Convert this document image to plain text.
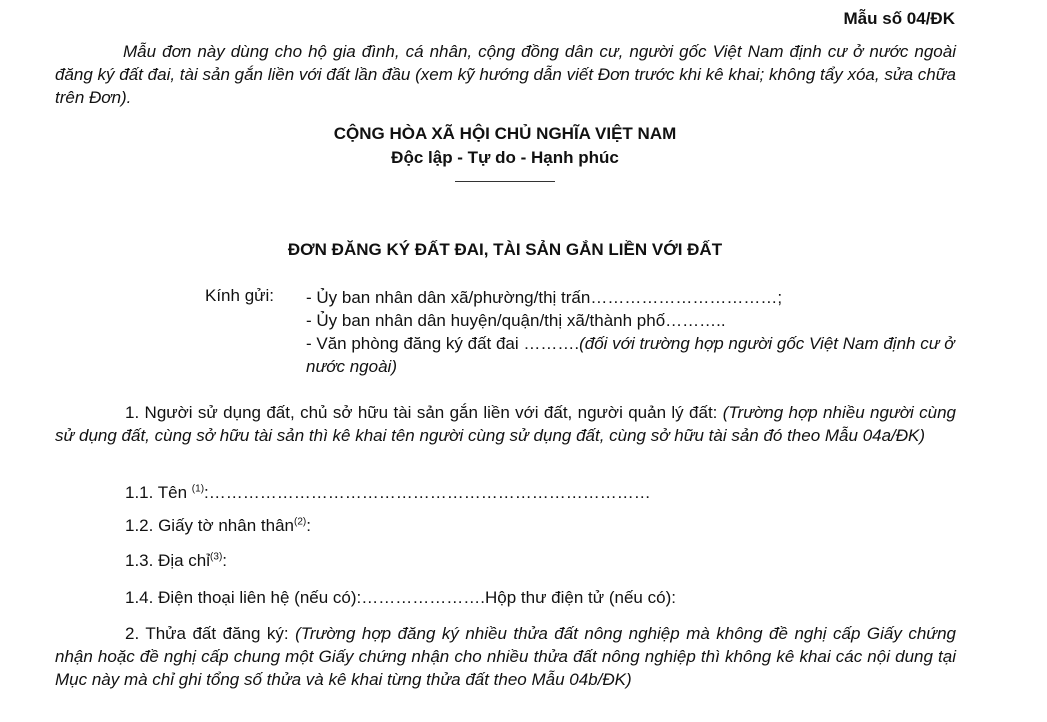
Mẫu số 04/ĐK
Mẫu đơn này dùng cho hộ gia đình, cá nhân, cộng đồng dân cư, người gốc Việt Nam định cư ở nước ngoài đăng ký đất đai, tài sản gắn liền với đất lần đầu (xem kỹ hướng dẫn viết Đơn trước khi kê khai; không tẩy xóa, sửa chữa trên Đơn).
CỘNG HÒA XÃ HỘI CHỦ NGHĨA VIỆT NAM
Độc lập - Tự do - Hạnh phúc
ĐƠN ĐĂNG KÝ ĐẤT ĐAI, TÀI SẢN GẮN LIỀN VỚI ĐẤT
Kính gửi: - Ủy ban nhân dân xã/phường/thị trấn……………………………;
- Ủy ban nhân dân huyện/quận/thị xã/thành phố………..
- Văn phòng đăng ký đất đai ……….(đối với trường hợp người gốc Việt Nam định cư ở nước ngoài)
1. Người sử dụng đất, chủ sở hữu tài sản gắn liền với đất, người quản lý đất: (Trường hợp nhiều người cùng sử dụng đất, cùng sở hữu tài sản thì kê khai tên người cùng sử dụng đất, cùng sở hữu tài sản đó theo Mẫu 04a/ĐK)
1.1. Tên $^{(1)}$:……………………………………………………………………
1.2. Giấy tờ nhân thân$^{(2)}$:
1.3. Địa chỉ$^{(3)}$:
1.4. Điện thoại liên hệ (nếu có):………………….Hộp thư điện tử (nếu có):
2. Thửa đất đăng ký: (Trường hợp đăng ký nhiều thửa đất nông nghiệp mà không đề nghị cấp Giấy chứng nhận hoặc đề nghị cấp chung một Giấy chứng nhận cho nhiều thửa đất nông nghiệp thì không kê khai các nội dung tại Mục này mà chỉ ghi tổng số thửa và kê khai từng thửa đất theo Mẫu 04b/ĐK)
